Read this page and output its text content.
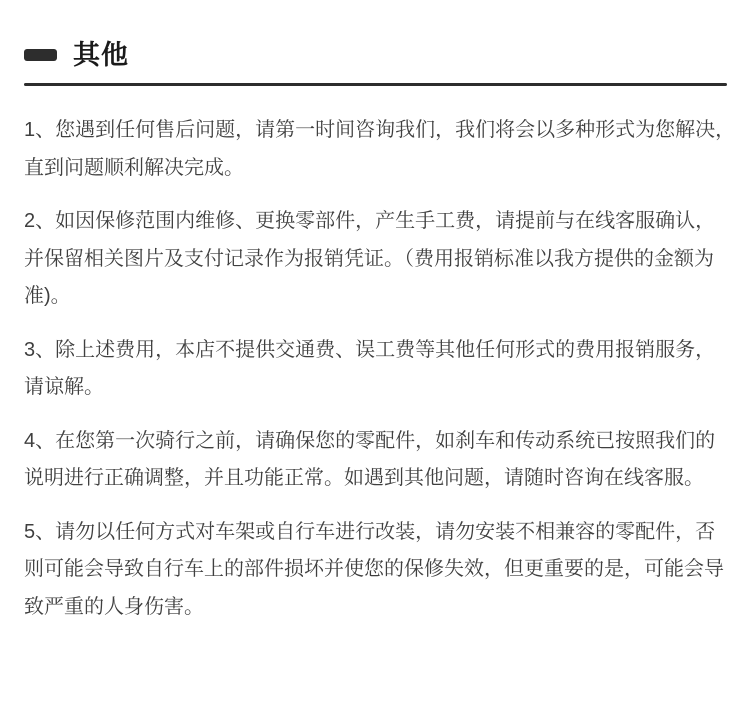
其他

1、您遇到任何售后问题，请第一时间咨询我们，我们将会以多种形式为您解决，
直到问题顺利解决完成。

2、如因保修范围内维修、更换零部件，产生手工费，请提前与在线客服确认，
并保留相关图片及支付记录作为报销凭证。（费用报销标准以我方提供的金额为
准)。

3、除上述费用，本店不提供交通费、误工费等其他任何形式的费用报销服务，
请谅解。

4、在您第一次骑行之前，请确保您的零配件，如刹车和传动系统已按照我们的
说明进行正确调整，并且功能正常。如遇到其他问题，请随时咨询在线客服。

5、请勿以任何方式对车架或自行车进行改装，请勿安装不相兼容的零配件，否
则可能会导致自行车上的部件损坏并使您的保修失效，但更重要的是，可能会导
致严重的人身伤害。
